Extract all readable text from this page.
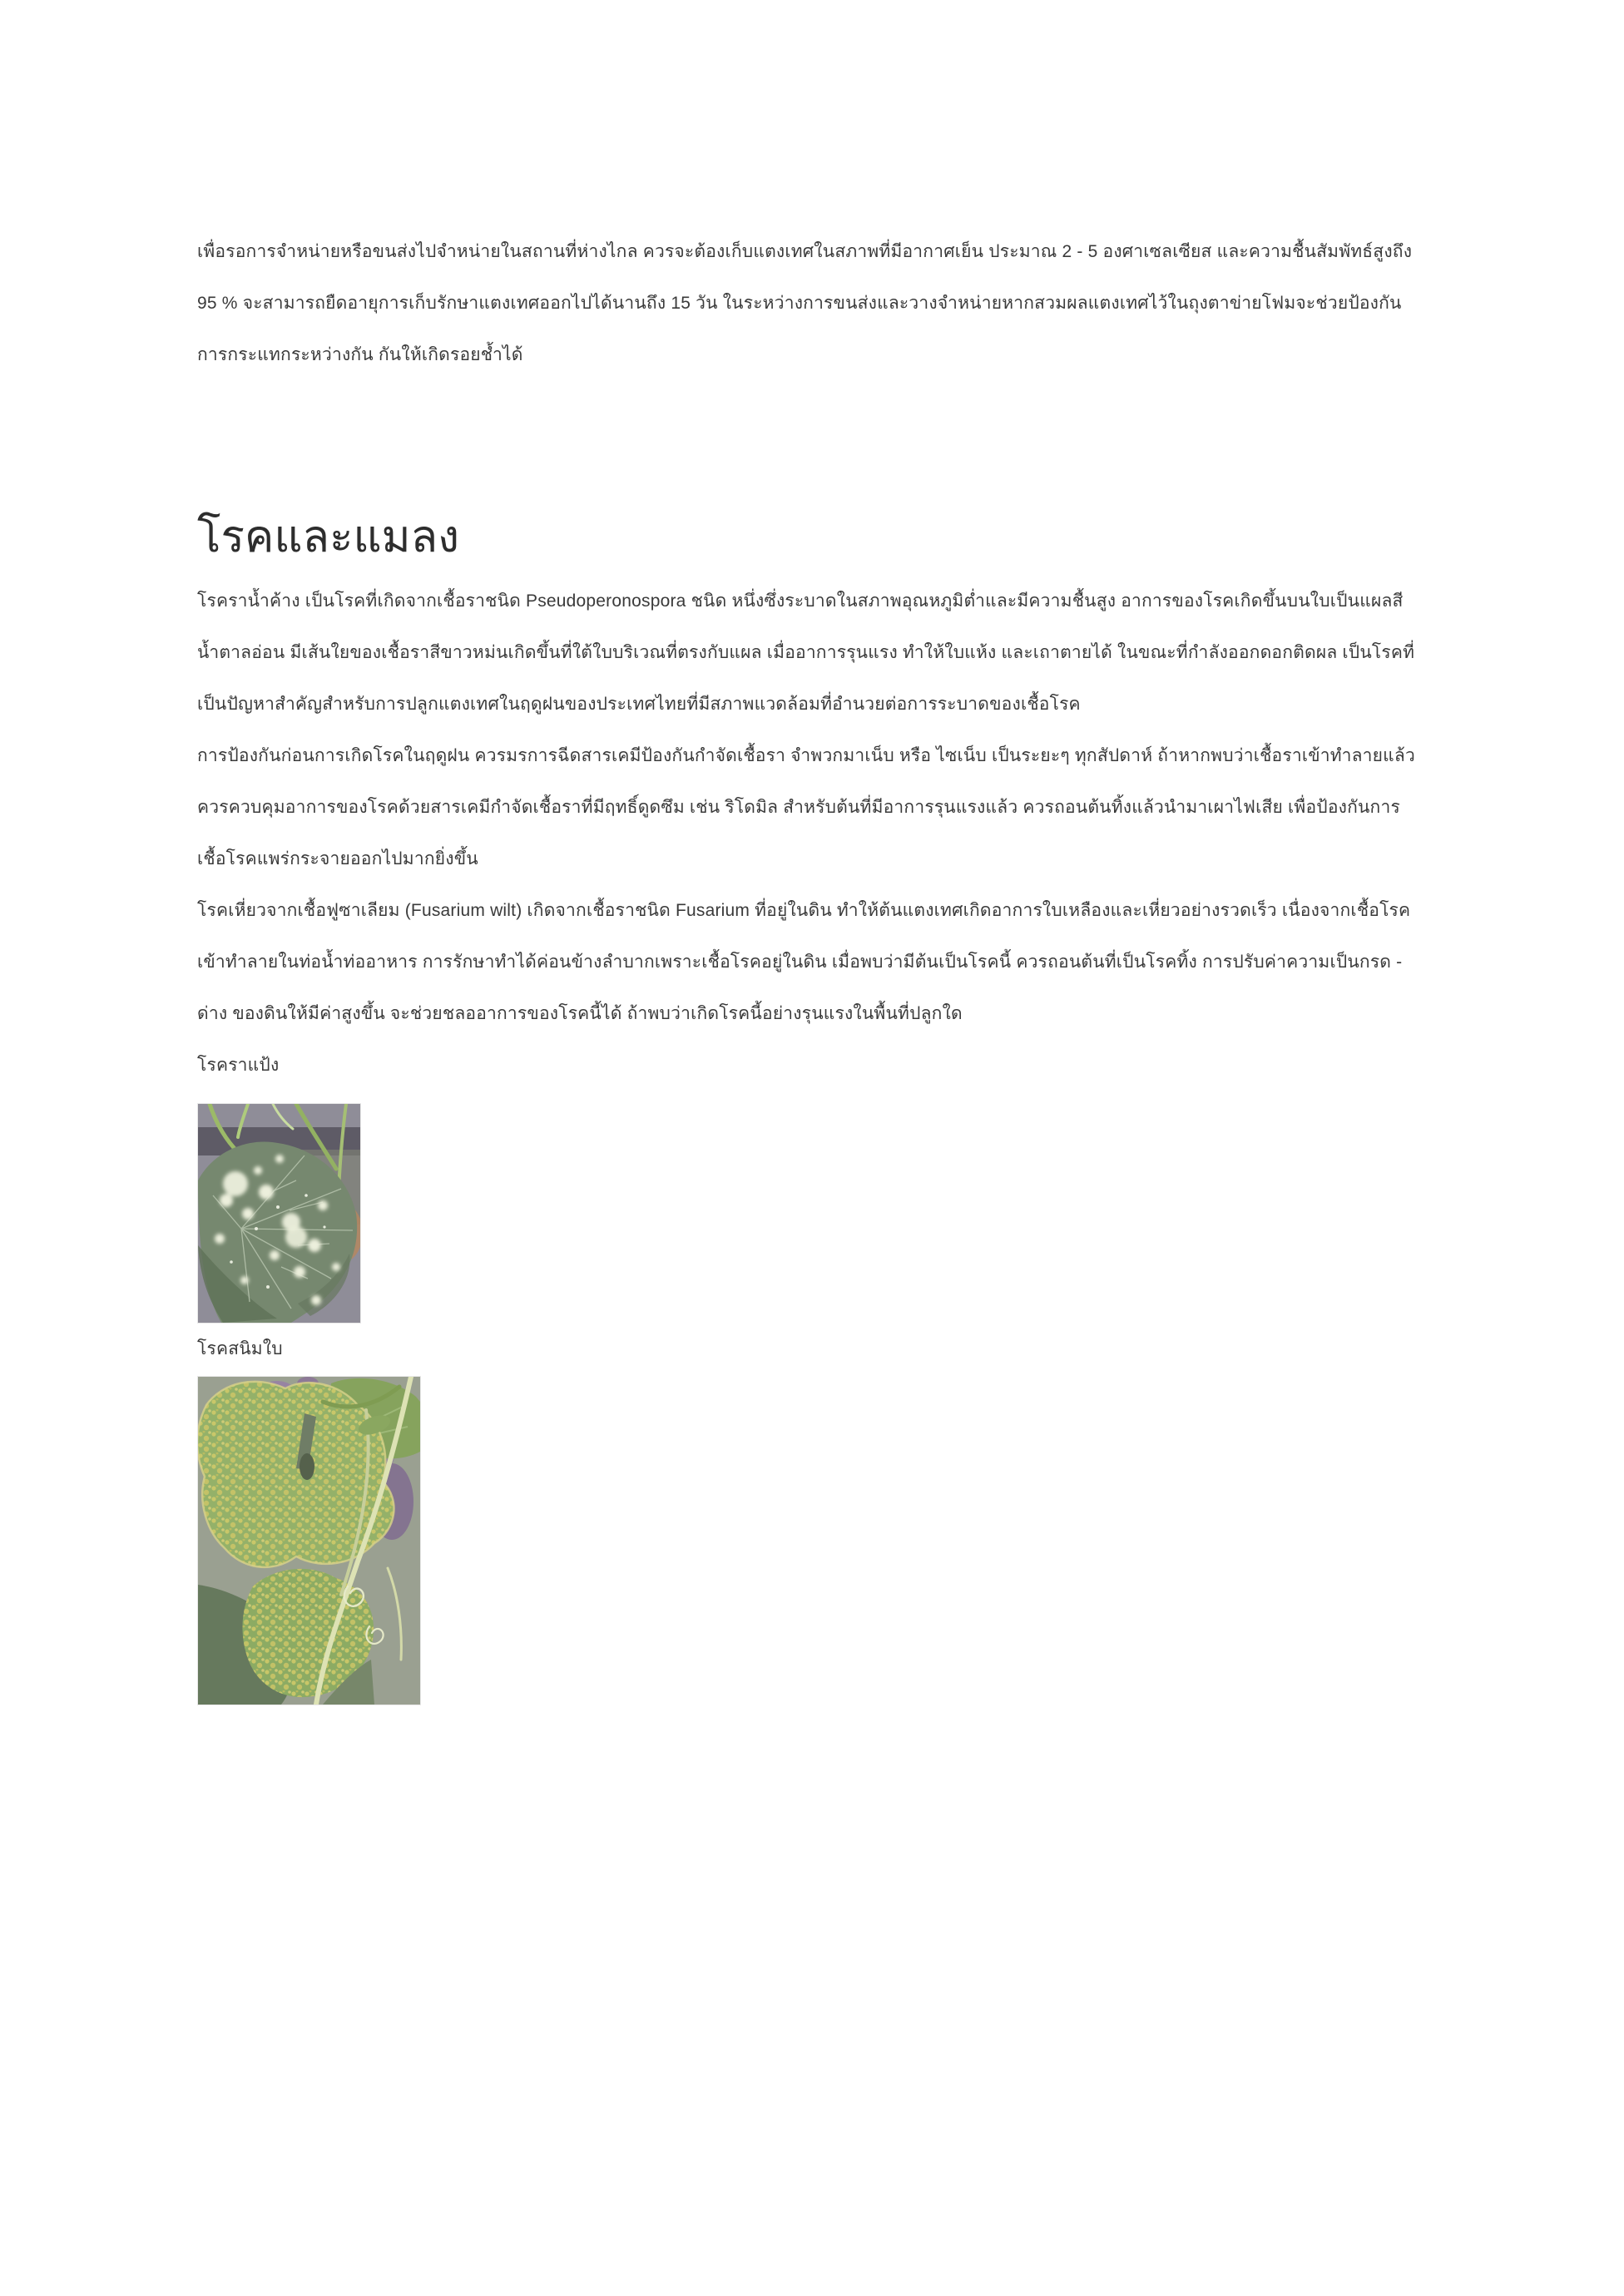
เพื่อรอการจำหน่ายหรือขนส่งไปจำหน่ายในสถานที่ห่างไกล ควรจะต้องเก็บแตงเทศในสภาพที่มีอากาศเย็น ประมาณ 2 - 5 องศาเซลเซียส และความชื้นสัมพัทธ์สูงถึง 95 % จะสามารถยืดอายุการเก็บรักษาแตงเทศออกไปได้นานถึง 15 วัน ในระหว่างการขนส่งและวางจำหน่ายหากสวมผลแตงเทศไว้ในถุงตาข่ายโฟมจะช่วยป้องกันการกระแทกระหว่างกัน กันให้เกิดรอยช้ำได้

โรคและแมลง

โรคราน้ำค้าง เป็นโรคที่เกิดจากเชื้อราชนิด Pseudoperonospora ชนิด หนึ่งซึ่งระบาดในสภาพอุณหภูมิต่ำและมีความชื้นสูง อาการของโรคเกิดขึ้นบนใบเป็นแผลสีน้ำตาลอ่อน มีเส้นใยของเชื้อราสีขาวหม่นเกิดขึ้นที่ใต้ใบบริเวณที่ตรงกับแผล เมื่ออาการรุนแรง ทำให้ใบแห้ง และเถาตายได้ ในขณะที่กำลังออกดอกติดผล เป็นโรคที่เป็นปัญหาสำคัญสำหรับการปลูกแตงเทศในฤดูฝนของประเทศไทยที่มีสภาพแวดล้อมที่อำนวยต่อการระบาดของเชื้อโรค

การป้องกันก่อนการเกิดโรคในฤดูฝน ควรมรการฉีดสารเคมีป้องกันกำจัดเชื้อรา จำพวกมาเน็บ หรือ ไซเน็บ เป็นระยะๆ ทุกสัปดาห์ ถ้าหากพบว่าเชื้อราเข้าทำลายแล้วควรควบคุมอาการของโรคด้วยสารเคมีกำจัดเชื้อราที่มีฤทธิ์ดูดซึม เช่น ริโดมิล สำหรับต้นที่มีอาการรุนแรงแล้ว ควรถอนต้นทิ้งแล้วนำมาเผาไฟเสีย เพื่อป้องกันการเชื้อโรคแพร่กระจายออกไปมากยิ่งขึ้น

โรคเหี่ยวจากเชื้อฟูซาเลียม (Fusarium wilt) เกิดจากเชื้อราชนิด Fusarium ที่อยู่ในดิน ทำให้ต้นแตงเทศเกิดอาการใบเหลืองและเหี่ยวอย่างรวดเร็ว เนื่องจากเชื้อโรคเข้าทำลายในท่อน้ำท่ออาหาร การรักษาทำได้ค่อนข้างลำบากเพราะเชื้อโรคอยู่ในดิน เมื่อพบว่ามีต้นเป็นโรคนี้ ควรถอนต้นที่เป็นโรคทิ้ง การปรับค่าความเป็นกรด - ด่าง ของดินให้มีค่าสูงขึ้น จะช่วยชลออาการของโรคนี้ได้ ถ้าพบว่าเกิดโรคนี้อย่างรุนแรงในพื้นที่ปลูกใด

โรคราแป้ง

โรคสนิมใบ
